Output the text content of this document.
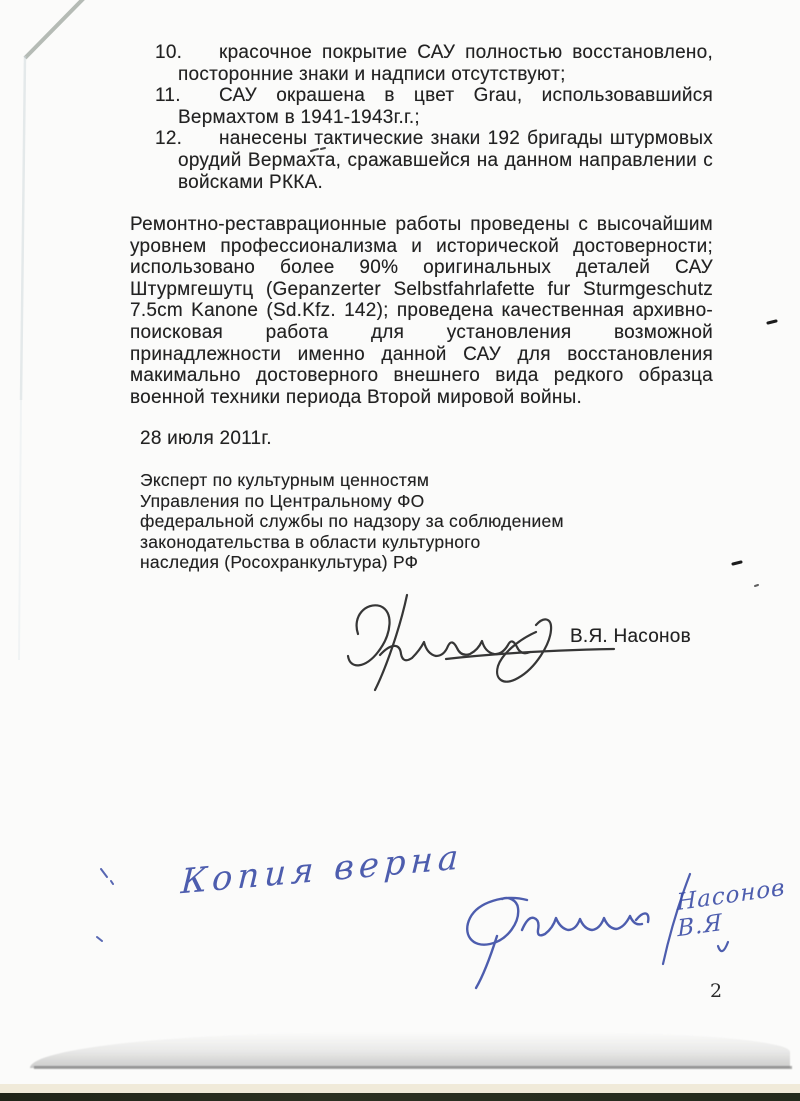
10. красочное покрытие САУ полностью восстановлено,
посторонние знаки и надписи отсутствуют;
11. САУ окрашена в цвет Grau, использовавшийся
Вермахтом в 1941-1943г.г.;
12. нанесены тактические знаки 192 бригады штурмовых
орудий Вермахта, сражавшейся на данном направлении с
войсками РККА.
Ремонтно-реставрационные работы проведены с высочайшим
уровнем профессионализма и исторической достоверности;
использовано более 90% оригинальных деталей САУ
Штурмгешутц (Gepanzerter Selbstfahrlafette fur Sturmgeschutz
7.5cm Kanone (Sd.Kfz. 142); проведена качественная архивно-
поисковая работа для установления возможной
принадлежности именно данной САУ для восстановления
макимально достоверного внешнего вида редкого образца
военной техники периода Второй мировой войны.
28 июля 2011г.
Эксперт по культурным ценностям
Управления по Центральному ФО
федеральной службы по надзору за соблюдением
законодательства в области культурного
наследия (Росохранкультура) РФ
В.Я. Насонов
2
Копия верна	Насонов В.Я
